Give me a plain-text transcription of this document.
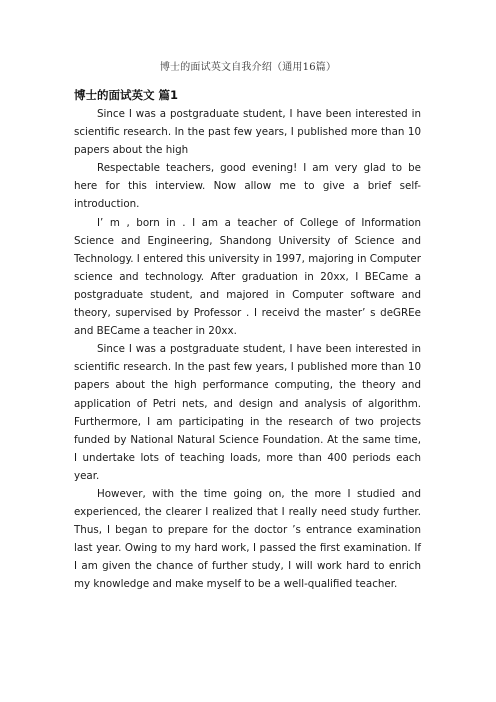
博士的面试英文自我介绍（通用16篇）
博士的面试英文 篇1

Since I was a postgraduate student, I have been interested in scientific research. In the past few years, I published more than 10 papers about the high

Respectable teachers, good evening! I am very glad to be here for this interview. Now allow me to give a brief self-introduction.

I’ m , born in . I am a teacher of College of Information Science and Engineering, Shandong University of Science and Technology. I entered this university in 1997, majoring in Computer science and technology. After graduation in 20xx, I BECame a postgraduate student, and majored in Computer software and theory, supervised by Professor . I receivd the master’ s deGREe and BECame a teacher in 20xx.

Since I was a postgraduate student, I have been interested in scientific research. In the past few years, I published more than 10 papers about the high performance computing, the theory and application of Petri nets, and design and analysis of algorithm. Furthermore, I am participating in the research of two projects funded by National Natural Science Foundation. At the same time, I undertake lots of teaching loads, more than 400 periods each year.

However, with the time going on, the more I studied and experienced, the clearer I realized that I really need study further. Thus, I began to prepare for the doctor ’s entrance examination last year. Owing to my hard work, I passed the first examination. If I am given the chance of further study, I will work hard to enrich my knowledge and make myself to be a well-qualified teacher.
